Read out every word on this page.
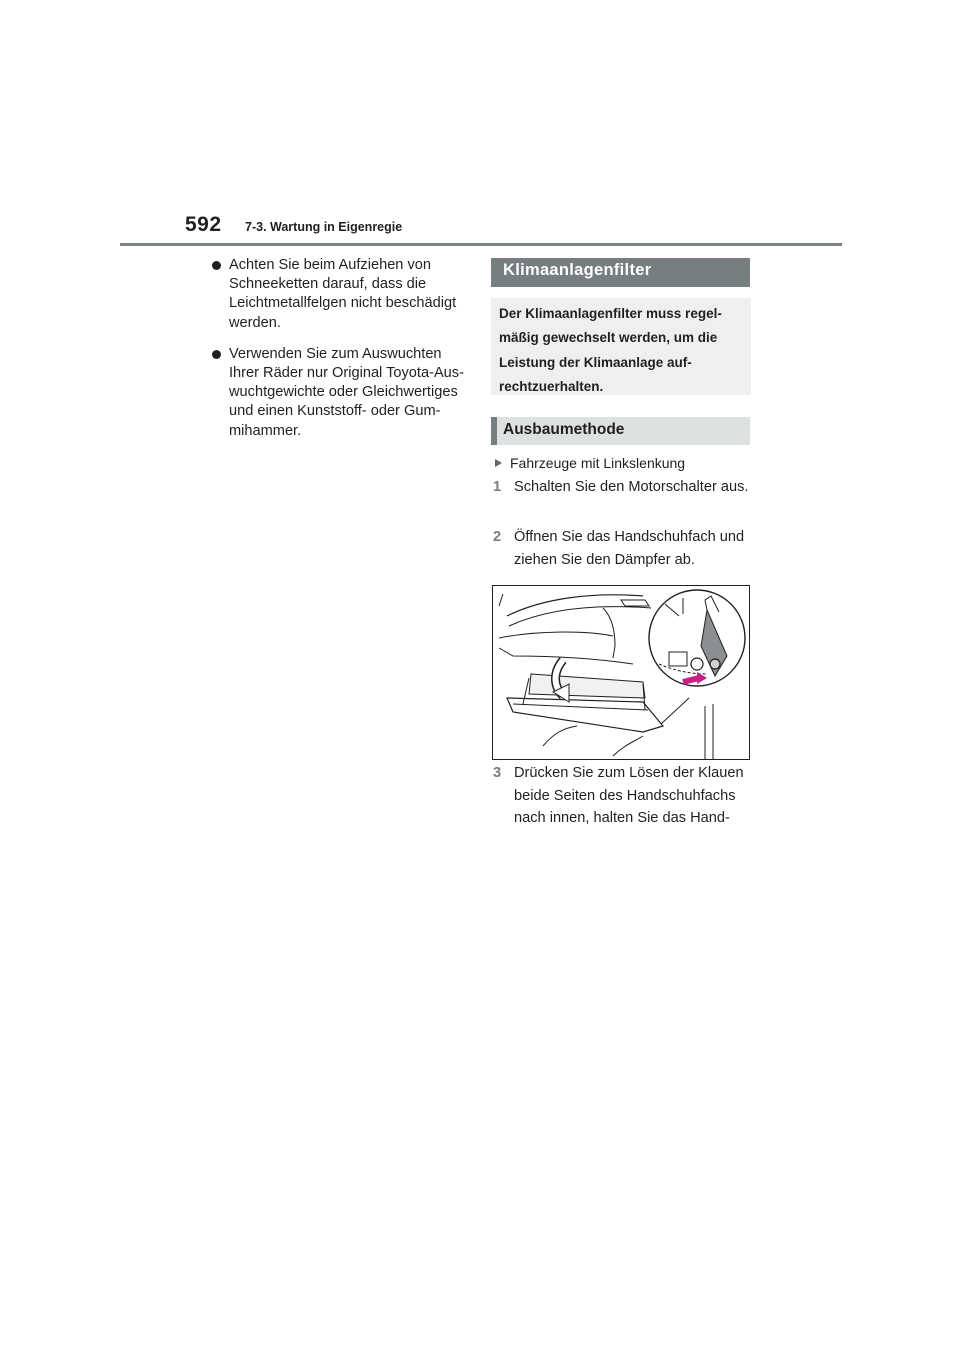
592 7-3. Wartung in Eigenregie
Achten Sie beim Aufziehen von Schneeketten darauf, dass die Leichtmetallfelgen nicht beschädigt werden.
Verwenden Sie zum Auswuchten Ihrer Räder nur Original Toyota-Auswuchtgewichte oder Gleichwertiges und einen Kunststoff- oder Gummihammer.
Klimaanlagenfilter
Der Klimaanlagenfilter muss regelmäßig gewechselt werden, um die Leistung der Klimaanlage aufrechtzuerhalten.
Ausbaumethode
Fahrzeuge mit Linkslenkung
1 Schalten Sie den Motorschalter aus.
2 Öffnen Sie das Handschuhfach und ziehen Sie den Dämpfer ab.
3 Drücken Sie zum Lösen der Klauen beide Seiten des Handschuhfachs nach innen, halten Sie das Hand-
